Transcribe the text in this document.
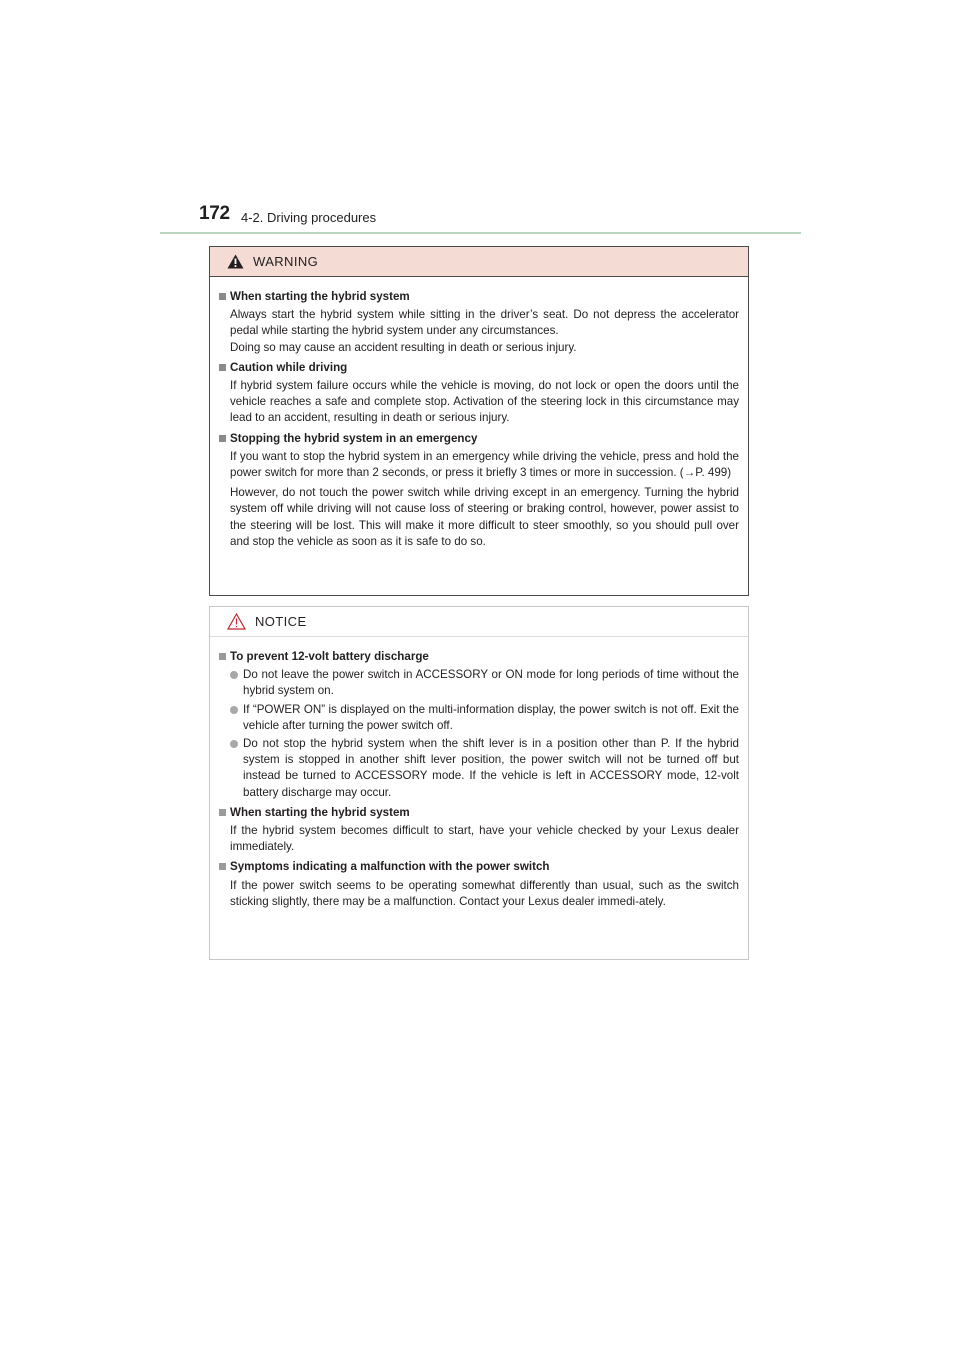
172 4-2. Driving procedures
WARNING
When starting the hybrid system
Always start the hybrid system while sitting in the driver’s seat. Do not depress the accelerator pedal while starting the hybrid system under any circumstances.
Doing so may cause an accident resulting in death or serious injury.
Caution while driving
If hybrid system failure occurs while the vehicle is moving, do not lock or open the doors until the vehicle reaches a safe and complete stop. Activation of the steering lock in this circumstance may lead to an accident, resulting in death or serious injury.
Stopping the hybrid system in an emergency
If you want to stop the hybrid system in an emergency while driving the vehicle, press and hold the power switch for more than 2 seconds, or press it briefly 3 times or more in succession. (→P. 499)
However, do not touch the power switch while driving except in an emergency. Turning the hybrid system off while driving will not cause loss of steering or braking control, however, power assist to the steering will be lost. This will make it more difficult to steer smoothly, so you should pull over and stop the vehicle as soon as it is safe to do so.
NOTICE
To prevent 12-volt battery discharge
Do not leave the power switch in ACCESSORY or ON mode for long periods of time without the hybrid system on.
If “POWER ON” is displayed on the multi-information display, the power switch is not off. Exit the vehicle after turning the power switch off.
Do not stop the hybrid system when the shift lever is in a position other than P. If the hybrid system is stopped in another shift lever position, the power switch will not be turned off but instead be turned to ACCESSORY mode. If the vehicle is left in ACCESSORY mode, 12-volt battery discharge may occur.
When starting the hybrid system
If the hybrid system becomes difficult to start, have your vehicle checked by your Lexus dealer immediately.
Symptoms indicating a malfunction with the power switch
If the power switch seems to be operating somewhat differently than usual, such as the switch sticking slightly, there may be a malfunction. Contact your Lexus dealer immedi-ately.
